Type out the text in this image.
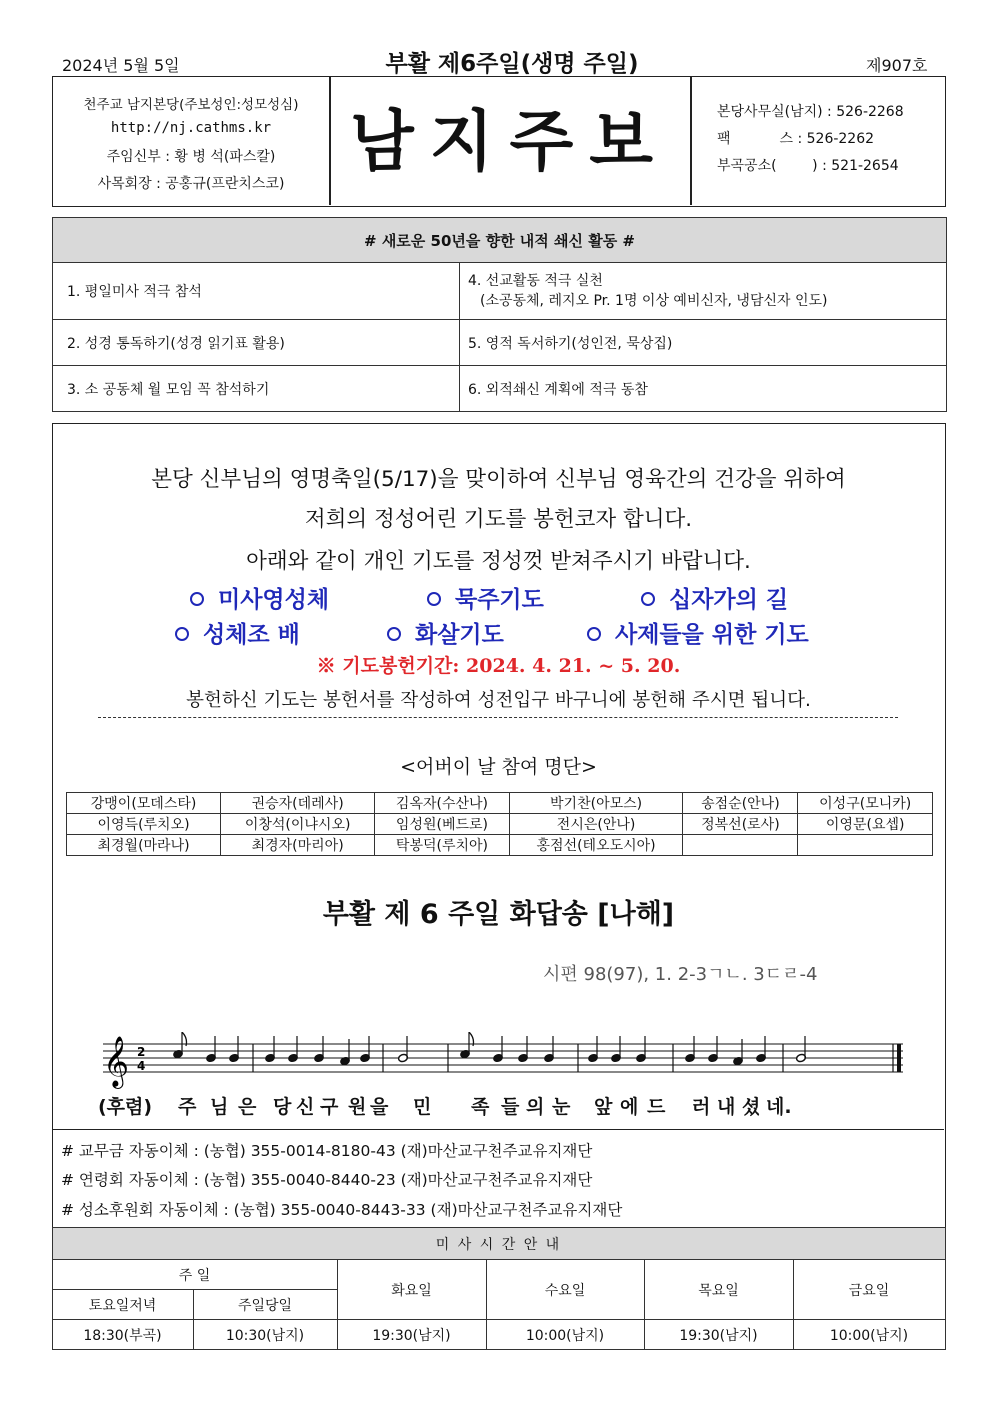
2024년 5월 5일	부활 제6주일(생명 주일)	제907호
천주교 남지본당(주보성인:성모성심)
http://nj.cathms.kr
주임신부 : 황 병 석(파스칼)
사목회장 : 공홍규(프란치스코)
남지주보	본당사무실(남지) : 526-2268
팩           스 : 526-2262
부곡공소(        ) : 521-2654
# 새로운 50년을 향한 내적 쇄신 활동 #	
1. 평일미사 적극 참석	4. 선교활동 적극 실천
(소공동체, 레지오 Pr. 1명 이상 예비신자, 냉담신자 인도)

2. 성경 통독하기(성경 읽기표 활용)	5. 영적 독서하기(성인전, 묵상집)
3. 소 공동체 월 모임 꼭 참석하기	6. 외적쇄신 계획에 적극 동참
본당 신부님의 영명축일(5/17)을 맞이하여 신부님 영육간의 건강을 위하여
저희의 정성어린 기도를 봉헌코자 합니다.
아래와 같이 개인 기도를 정성껏 받쳐주시기 바랍니다.
미사영성체	묵주기도	십자가의 길
성체조 배	화살기도	사제들을 위한 기도
※ 기도봉헌기간: 2024. 4. 21. ~ 5. 20.
봉헌하신 기도는 봉헌서를 작성하여 성전입구 바구니에 봉헌해 주시면 됩니다.
<어버이 날 참여 명단>
강맹이(모데스타)	권승자(데레사)	김옥자(수산나)	박기찬(아모스)	송점순(안나)	이성구(모니카)
이영득(루치오)	이창석(이냐시오)	임성원(베드로)	전시은(안나)	정복선(로사)	이영문(요셉)
최경월(마라나)	최경자(마리아)	탁봉덕(루치아)	홍점선(테오도시아)		
부활 제 6 주일 화답송 [나해]
시편 98(97), 1. 2-3ㄱㄴ. 3ㄷㄹ-4
𝄞 2
4
(후렴) 주 님 은 당 신 구 원 을 민 족 들 의 눈 앞 에 드 러 내 셨 네.
# 교무금 자동이체 : (농협) 355-0014-8180-43 (재)마산교구천주교유지재단
# 연령회 자동이체 : (농협) 355-0040-8440-23 (재)마산교구천주교유지재단
# 성소후원회 자동이체 : (농협) 355-0040-8443-33 (재)마산교구천주교유지재단
미 사 시 간 안 내					
주 일		화요일	수요일	목요일	금요일
토요일저녁	주일당일				
18:30(부곡)	10:30(남지)	19:30(남지)	10:00(남지)	19:30(남지)	10:00(남지)
